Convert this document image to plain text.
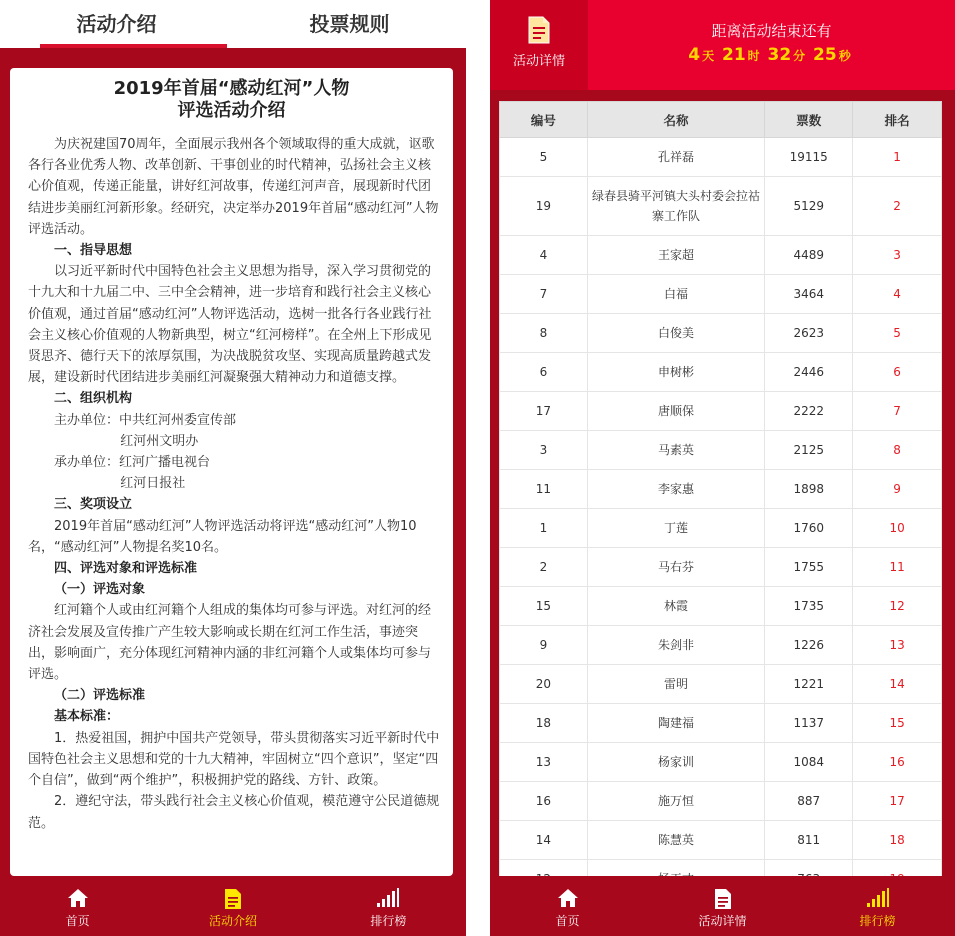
活动介绍	投票规则
2019年首届“感动红河”人物
评选活动介绍

为庆祝建国70周年，全面展示我州各个领域取得的重大成就，讴歌各行各业优秀人物、改革创新、干事创业的时代精神，弘扬社会主义核心价值观，传递正能量，讲好红河故事，传递红河声音，展现新时代团结进步美丽红河新形象。经研究，决定举办2019年首届“感动红河”人物评选活动。

一、指导思想

以习近平新时代中国特色社会主义思想为指导，深入学习贯彻党的十九大和十九届二中、三中全会精神，进一步培育和践行社会主义核心价值观，通过首届“感动红河”人物评选活动，选树一批各行各业践行社会主义核心价值观的人物新典型，树立“红河榜样”。在全州上下形成见贤思齐、德行天下的浓厚氛围，为决战脱贫攻坚、实现高质量跨越式发展，建设新时代团结进步美丽红河凝聚强大精神动力和道德支撑。

二、组织机构

主办单位：中共红河州委宣传部

红河州文明办

承办单位：红河广播电视台

红河日报社

三、奖项设立

2019年首届“感动红河”人物评选活动将评选“感动红河”人物10名，“感动红河”人物提名奖10名。

四、评选对象和评选标准

（一）评选对象

红河籍个人或由红河籍个人组成的集体均可参与评选。对红河的经济社会发展及宣传推广产生较大影响或长期在红河工作生活，事迹突出，影响面广，充分体现红河精神内涵的非红河籍个人或集体均可参与评选。

（二）评选标准

基本标准：

1．热爱祖国，拥护中国共产党领导，带头贯彻落实习近平新时代中国特色社会主义思想和党的十九大精神，牢固树立“四个意识”，坚定“四个自信”，做到“两个维护”，积极拥护党的路线、方针、政策。

2．遵纪守法，带头践行社会主义核心价值观，模范遵守公民道德规范。

首页	活动介绍	排行榜
活动详情
距离活动结束还有
4 天 21 时 32 分 25 秒
编号	名称	票数	排名
5	孔祥磊	19115	1
19	绿春县骑平河镇大头村委会拉祜寨工作队	5129	2
4	王家超	4489	3
7	白福	3464	4
8	白俊美	2623	5
6	申树彬	2446	6
17	唐顺保	2222	7
3	马素英	2125	8
11	李家惠	1898	9
1	丁莲	1760	10
2	马右芬	1755	11
15	林霞	1735	12
9	朱剑非	1226	13
20	雷明	1221	14
18	陶建福	1137	15
13	杨家训	1084	16
16	施万恒	887	17
14	陈慧英	811	18

首页	活动详情	排行榜
